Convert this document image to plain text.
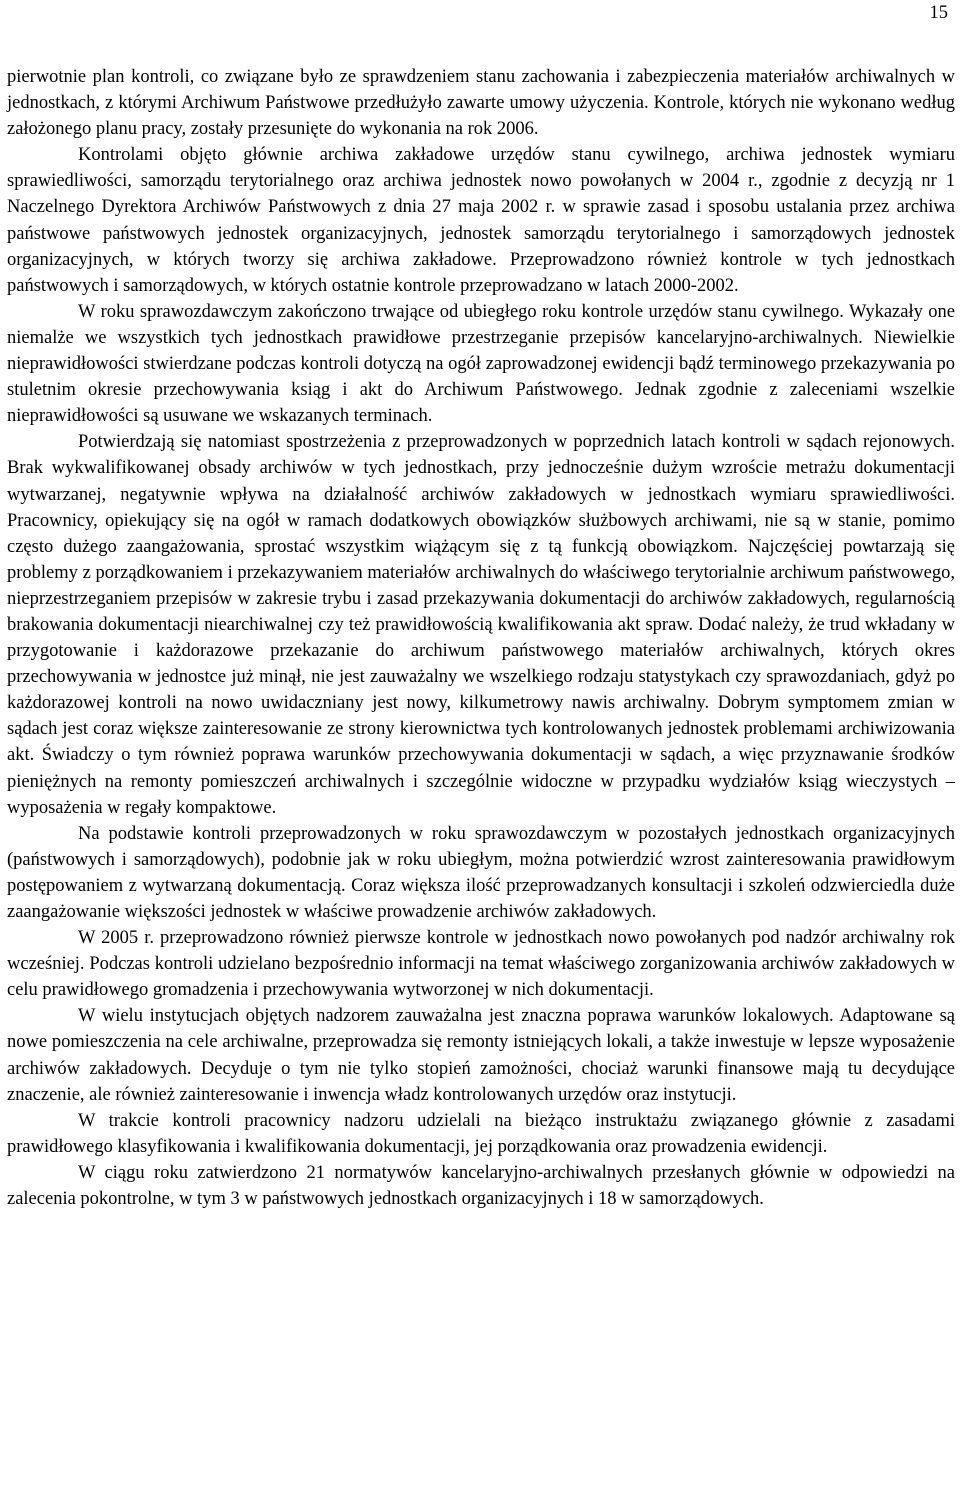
15

pierwotnie plan kontroli, co związane było ze sprawdzeniem stanu zachowania i zabezpieczenia materiałów archiwalnych w jednostkach, z którymi Archiwum Państwowe przedłużyło zawarte umowy użyczenia. Kontrole, których nie wykonano według założonego planu pracy, zostały przesunięte do wykonania na rok 2006.

Kontrolami objęto głównie archiwa zakładowe urzędów stanu cywilnego, archiwa jednostek wymiaru sprawiedliwości, samorządu terytorialnego oraz archiwa jednostek nowo powołanych w 2004 r., zgodnie z decyzją nr 1 Naczelnego Dyrektora Archiwów Państwowych z dnia 27 maja 2002 r. w sprawie zasad i sposobu ustalania przez archiwa państwowe państwowych jednostek organizacyjnych, jednostek samorządu terytorialnego i samorządowych jednostek organizacyjnych, w których tworzy się archiwa zakładowe. Przeprowadzono również kontrole w tych jednostkach państwowych i samorządowych, w których ostatnie kontrole przeprowadzano w latach 2000-2002.

W roku sprawozdawczym zakończono trwające od ubiegłego roku kontrole urzędów stanu cywilnego. Wykazały one niemalże we wszystkich tych jednostkach prawidłowe przestrzeganie przepisów kancelaryjno-archiwalnych. Niewielkie nieprawidłowości stwierdzane podczas kontroli dotyczą na ogół zaprowadzonej ewidencji bądź terminowego przekazywania po stuletnim okresie przechowywania ksiąg i akt do Archiwum Państwowego. Jednak zgodnie z zaleceniami wszelkie nieprawidłowości są usuwane we wskazanych terminach.

Potwierdzają się natomiast spostrzeżenia z przeprowadzonych w poprzednich latach kontroli w sądach rejonowych. Brak wykwalifikowanej obsady archiwów w tych jednostkach, przy jednocześnie dużym wzroście metrażu dokumentacji wytwarzanej, negatywnie wpływa na działalność archiwów zakładowych w jednostkach wymiaru sprawiedliwości. Pracownicy, opiekujący się na ogół w ramach dodatkowych obowiązków służbowych archiwami, nie są w stanie, pomimo często dużego zaangażowania, sprostać wszystkim wiążącym się z tą funkcją obowiązkom. Najczęściej powtarzają się problemy z porządkowaniem i przekazywaniem materiałów archiwalnych do właściwego terytorialnie archiwum państwowego, nieprzestrzeganiem przepisów w zakresie trybu i zasad przekazywania dokumentacji do archiwów zakładowych, regularnością brakowania dokumentacji niearchiwalnej czy też prawidłowością kwalifikowania akt spraw. Dodać należy, że trud wkładany w przygotowanie i każdorazowe przekazanie do archiwum państwowego materiałów archiwalnych, których okres przechowywania w jednostce już minął, nie jest zauważalny we wszelkiego rodzaju statystykach czy sprawozdaniach, gdyż po każdorazowej kontroli na nowo uwidaczniany jest nowy, kilkumetrowy nawis archiwalny. Dobrym symptomem zmian w sądach jest coraz większe zainteresowanie ze strony kierownictwa tych kontrolowanych jednostek problemami archiwizowania akt. Świadczy o tym również poprawa warunków przechowywania dokumentacji w sądach, a więc przyznawanie środków pieniężnych na remonty pomieszczeń archiwalnych i szczególnie widoczne w przypadku wydziałów ksiąg wieczystych – wyposażenia w regały kompaktowe.

Na podstawie kontroli przeprowadzonych w roku sprawozdawczym w pozostałych jednostkach organizacyjnych (państwowych i samorządowych), podobnie jak w roku ubiegłym, można potwierdzić wzrost zainteresowania prawidłowym postępowaniem z wytwarzaną dokumentacją. Coraz większa ilość przeprowadzanych konsultacji i szkoleń odzwierciedla duże zaangażowanie większości jednostek w właściwe prowadzenie archiwów zakładowych.

W 2005 r. przeprowadzono również pierwsze kontrole w jednostkach nowo powołanych pod nadzór archiwalny rok wcześniej. Podczas kontroli udzielano bezpośrednio informacji na temat właściwego zorganizowania archiwów zakładowych w celu prawidłowego gromadzenia i przechowywania wytworzonej w nich dokumentacji.

W wielu instytucjach objętych nadzorem zauważalna jest znaczna poprawa warunków lokalowych. Adaptowane są nowe pomieszczenia na cele archiwalne, przeprowadza się remonty istniejących lokali, a także inwestuje w lepsze wyposażenie archiwów zakładowych. Decyduje o tym nie tylko stopień zamożności, chociaż warunki finansowe mają tu decydujące znaczenie, ale również zainteresowanie i inwencja władz kontrolowanych urzędów oraz instytucji.

W trakcie kontroli pracownicy nadzoru udzielali na bieżąco instruktażu związanego głównie z zasadami prawidłowego klasyfikowania i kwalifikowania dokumentacji, jej porządkowania oraz prowadzenia ewidencji.

W ciągu roku zatwierdzono 21 normatywów kancelaryjno-archiwalnych przesłanych głównie w odpowiedzi na zalecenia pokontrolne, w tym 3 w państwowych jednostkach organizacyjnych i 18 w samorządowych.
